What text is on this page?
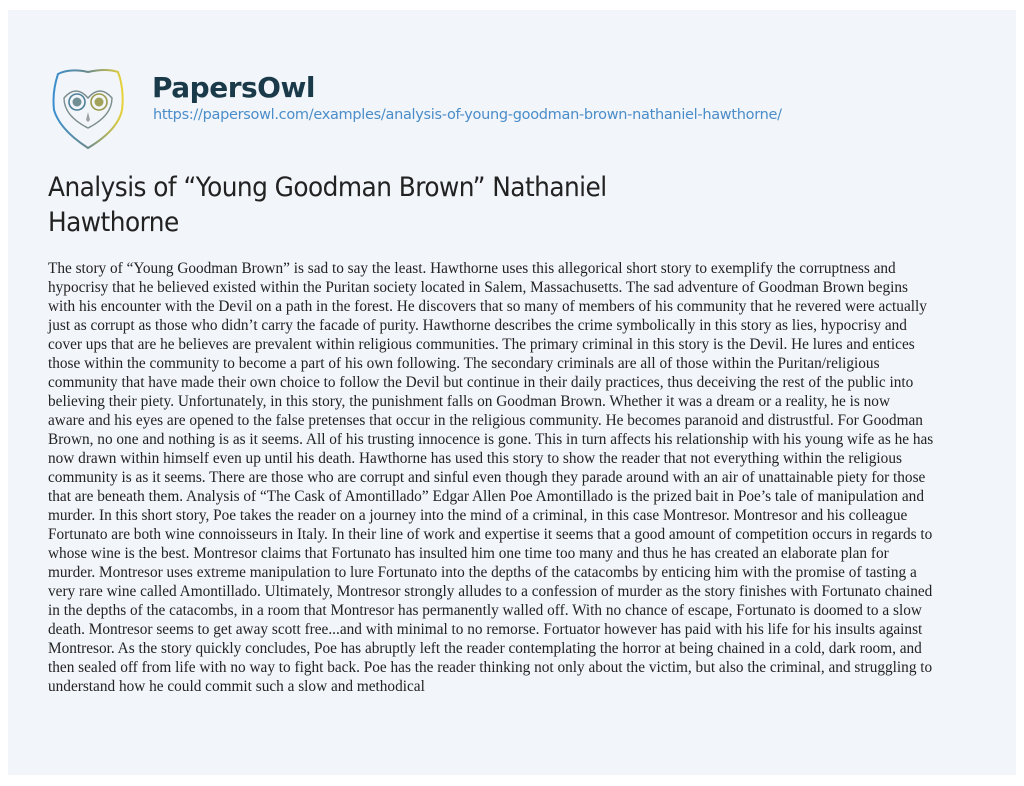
PapersOwl
https://papersowl.com/examples/analysis-of-young-goodman-brown-nathaniel-hawthorne/
Analysis of “Young Goodman Brown” Nathaniel Hawthorne
The story of “Young Goodman Brown” is sad to say the least. Hawthorne uses this allegorical short story to exemplify the corruptness and
hypocrisy that he believed existed within the Puritan society located in Salem, Massachusetts. The sad adventure of Goodman Brown begins
with his encounter with the Devil on a path in the forest. He discovers that so many of members of his community that he revered were actually
just as corrupt as those who didn’t carry the facade of purity. Hawthorne describes the crime symbolically in this story as lies, hypocrisy and
cover ups that are he believes are prevalent within religious communities. The primary criminal in this story is the Devil. He lures and entices
those within the community to become a part of his own following. The secondary criminals are all of those within the Puritan/religious
community that have made their own choice to follow the Devil but continue in their daily practices, thus deceiving the rest of the public into
believing their piety. Unfortunately, in this story, the punishment falls on Goodman Brown. Whether it was a dream or a reality, he is now
aware and his eyes are opened to the false pretenses that occur in the religious community. He becomes paranoid and distrustful. For Goodman
Brown, no one and nothing is as it seems. All of his trusting innocence is gone. This in turn affects his relationship with his young wife as he has
now drawn within himself even up until his death. Hawthorne has used this story to show the reader that not everything within the religious
community is as it seems. There are those who are corrupt and sinful even though they parade around with an air of unattainable piety for those
that are beneath them. Analysis of “The Cask of Amontillado” Edgar Allen Poe Amontillado is the prized bait in Poe’s tale of manipulation and
murder. In this short story, Poe takes the reader on a journey into the mind of a criminal, in this case Montresor. Montresor and his colleague
Fortunato are both wine connoisseurs in Italy. In their line of work and expertise it seems that a good amount of competition occurs in regards to
whose wine is the best. Montresor claims that Fortunato has insulted him one time too many and thus he has created an elaborate plan for
murder. Montresor uses extreme manipulation to lure Fortunato into the depths of the catacombs by enticing him with the promise of tasting a
very rare wine called Amontillado. Ultimately, Montresor strongly alludes to a confession of murder as the story finishes with Fortunato chained
in the depths of the catacombs, in a room that Montresor has permanently walled off. With no chance of escape, Fortunato is doomed to a slow
death. Montresor seems to get away scott free...and with minimal to no remorse. Fortuator however has paid with his life for his insults against
Montresor. As the story quickly concludes, Poe has abruptly left the reader contemplating the horror at being chained in a cold, dark room, and
then sealed off from life with no way to fight back. Poe has the reader thinking not only about the victim, but also the criminal, and struggling to
understand how he could commit such a slow and methodical
